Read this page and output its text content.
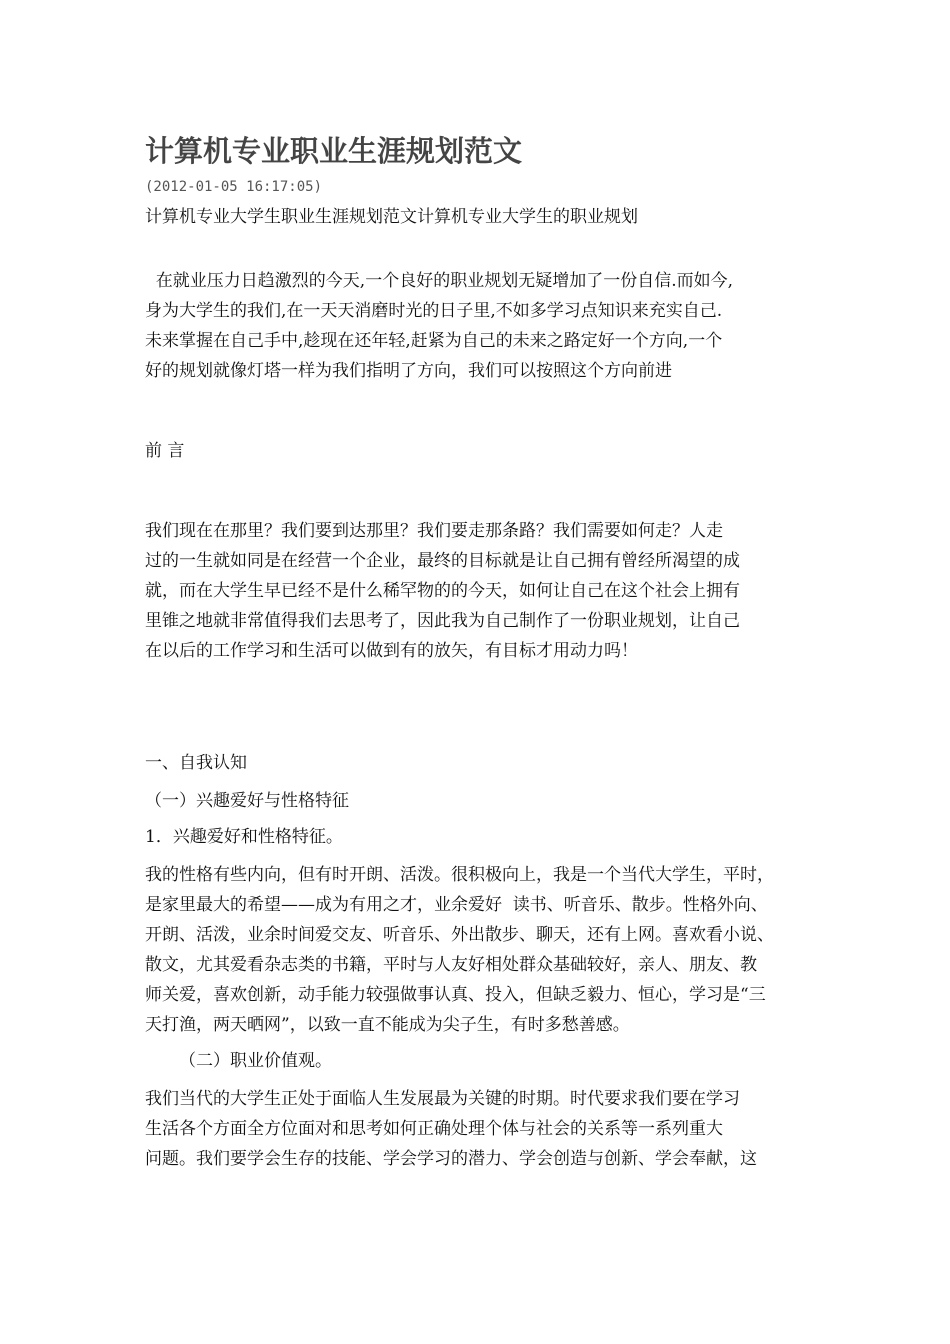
计算机专业职业生涯规划范文
(2012-01-05 16:17:05)
计算机专业大学生职业生涯规划范文计算机专业大学生的职业规划
在就业压力日趋激烈的今天,一个良好的职业规划无疑增加了一份自信.而如今,
身为大学生的我们,在一天天消磨时光的日子里,不如多学习点知识来充实自己.
未来掌握在自己手中,趁现在还年轻,赶紧为自己的未来之路定好一个方向,一个
好的规划就像灯塔一样为我们指明了方向，我们可以按照这个方向前进
前 言
我们现在在那里？我们要到达那里？我们要走那条路？我们需要如何走？人走
过的一生就如同是在经营一个企业，最终的目标就是让自己拥有曾经所渴望的成
就，而在大学生早已经不是什么稀罕物的的今天，如何让自己在这个社会上拥有
里锥之地就非常值得我们去思考了，因此我为自己制作了一份职业规划，让自己
在以后的工作学习和生活可以做到有的放矢，有目标才用动力吗！
一、自我认知
（一）兴趣爱好与性格特征
1．兴趣爱好和性格特征。
我的性格有些内向，但有时开朗、活泼。很积极向上，我是一个当代大学生，平时，
是家里最大的希望——成为有用之才，业余爱好  读书、听音乐、散步。性格外向、
开朗、活泼，业余时间爱交友、听音乐、外出散步、聊天，还有上网。喜欢看小说、
散文，尤其爱看杂志类的书籍，平时与人友好相处群众基础较好，亲人、朋友、教
师关爱，喜欢创新，动手能力较强做事认真、投入，但缺乏毅力、恒心，学习是“三
天打渔，两天晒网”，以致一直不能成为尖子生，有时多愁善感。
（二）职业价值观。
我们当代的大学生正处于面临人生发展最为关键的时期。时代要求我们要在学习
生活各个方面全方位面对和思考如何正确处理个体与社会的关系等一系列重大
问题。我们要学会生存的技能、学会学习的潜力、学会创造与创新、学会奉献，这
